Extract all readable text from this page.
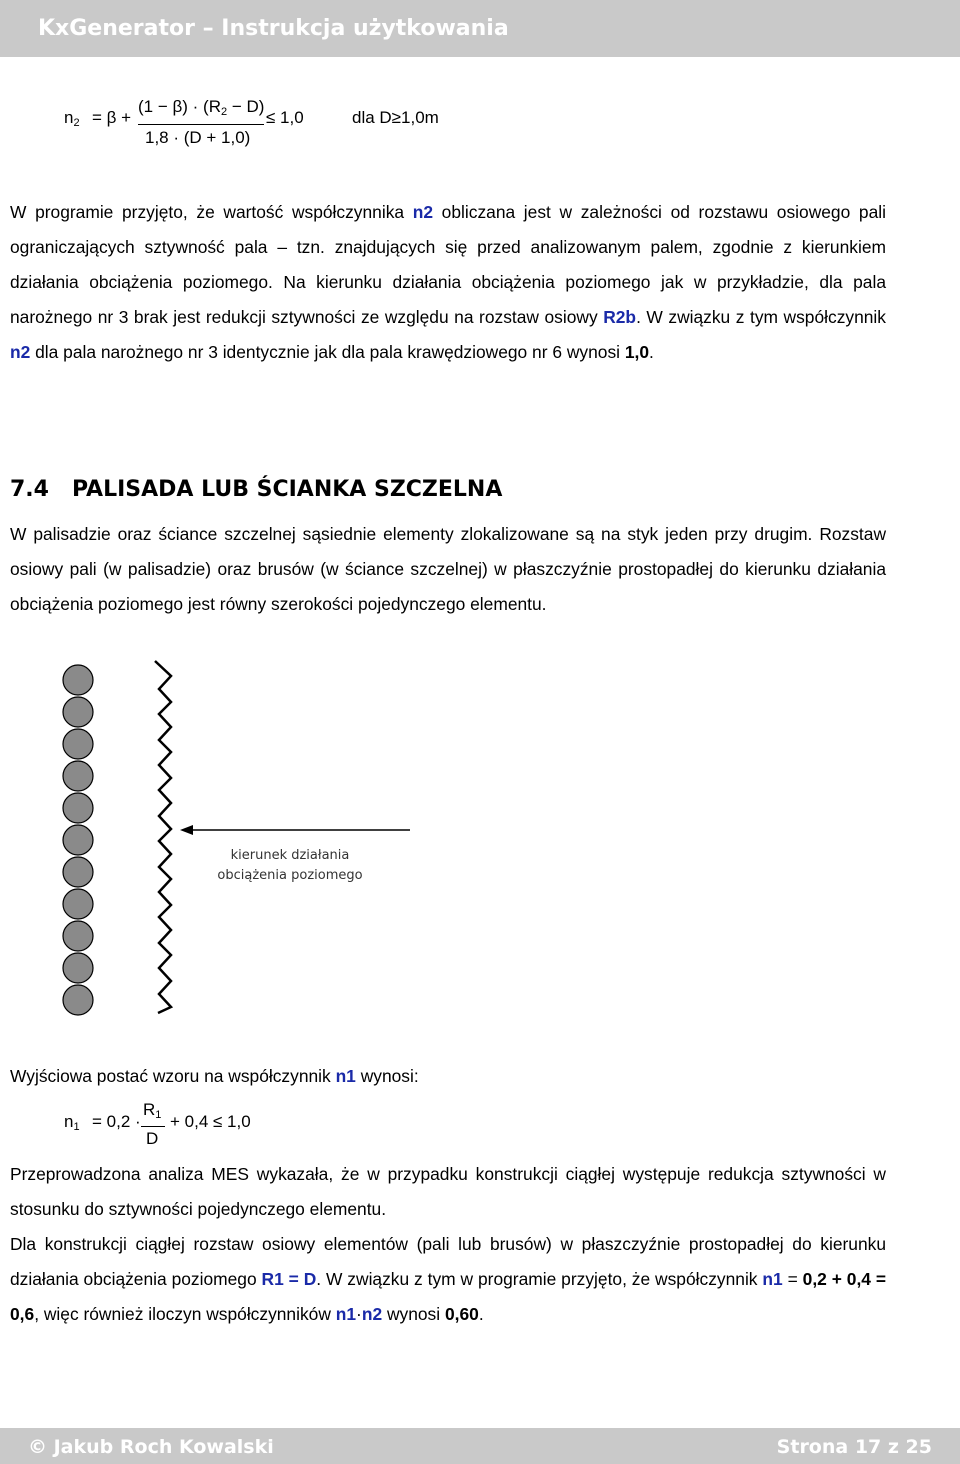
KxGenerator – Instrukcja użytkowania
$n_2 = \beta$ +
$(1 - \beta) \cdot (R_2 - D)$
1,8 · (D + 1,0)
≤ 1,0	dla D≥1,0m
W programie przyjęto, że wartość współczynnika n2 obliczana jest w zależności od rozstawu osiowego pali ograniczających sztywność pala – tzn. znajdujących się przed analizowanym palem, zgodnie z kierunkiem działania obciążenia poziomego. Na kierunku działania obciążenia poziomego jak w przykładzie, dla pala narożnego nr 3 brak jest redukcji sztywności ze względu na rozstaw osiowy R2b. W związku z tym współczynnik n2 dla pala narożnego nr 3 identycznie jak dla pala krawędziowego nr 6 wynosi 1,0.
7.4   PALISADA LUB ŚCIANKA SZCZELNA
W palisadzie oraz ściance szczelnej sąsiednie elementy zlokalizowane są na styk jeden przy drugim. Rozstaw osiowy pali (w palisadzie) oraz brusów (w ściance szczelnej) w płaszczyźnie prostopadłej do kierunku działania obciążenia poziomego jest równy szerokości pojedynczego elementu.
kierunek działania
obciążenia poziomego
Wyjściowa postać wzoru na współczynnik n1 wynosi:
$n_1 = 0,2$ ·
$R_1$
D
+ 0,4 ≤ 1,0
Przeprowadzona analiza MES wykazała, że w przypadku konstrukcji ciągłej występuje redukcja sztywności w stosunku do sztywności pojedynczego elementu.
Dla konstrukcji ciągłej rozstaw osiowy elementów (pali lub brusów) w płaszczyźnie prostopadłej do kierunku działania obciążenia poziomego R1 = D. W związku z tym w programie przyjęto, że współczynnik n1 = 0,2 + 0,4 = 0,6, więc również iloczyn współczynników n1·n2 wynosi 0,60.
© Jakub Roch Kowalski	Strona 17 z 25
